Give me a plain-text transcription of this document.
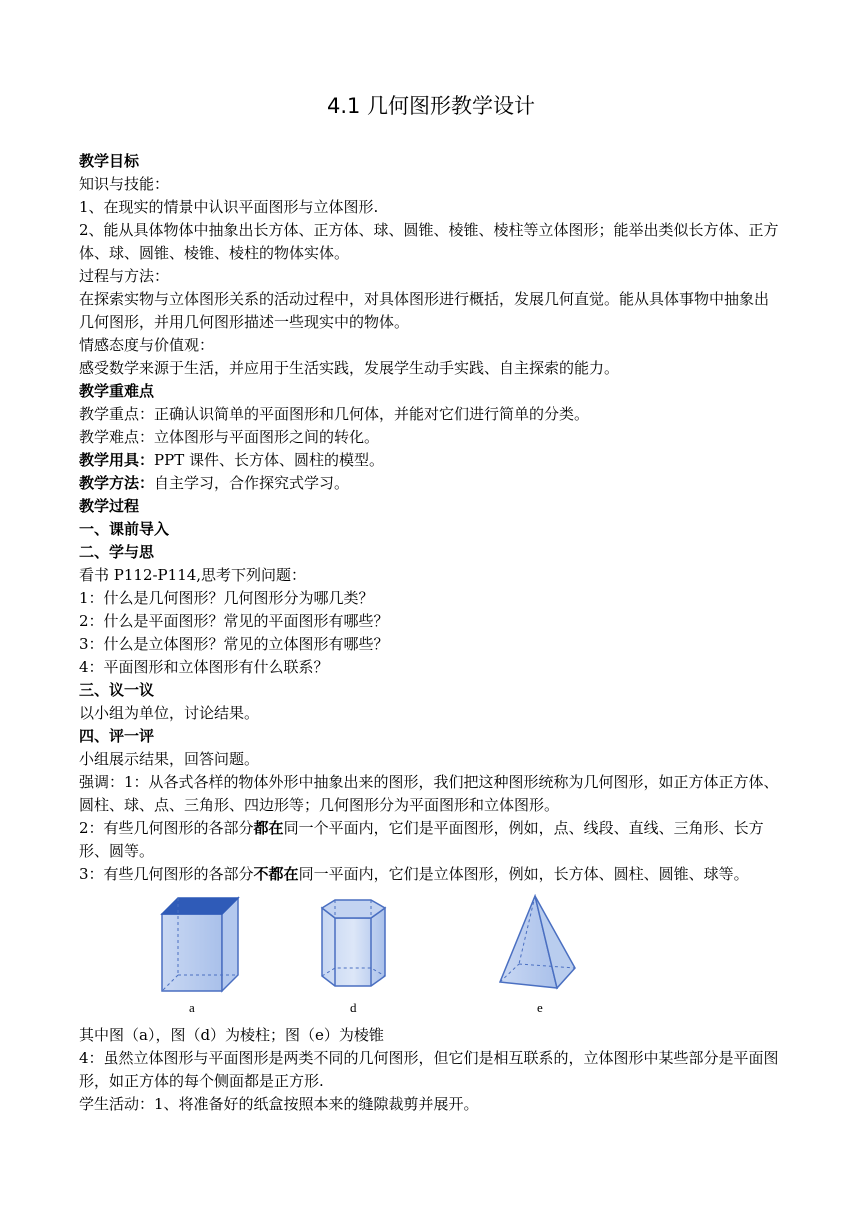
4.1 几何图形教学设计
教学目标
知识与技能：
1、在现实的情景中认识平面图形与立体图形.
2、能从具体物体中抽象出长方体、正方体、球、圆锥、棱锥、棱柱等立体图形；能举出类似长方体、正方体、球、圆锥、棱锥、棱柱的物体实体。
过程与方法：
在探索实物与立体图形关系的活动过程中，对具体图形进行概括，发展几何直觉。能从具体事物中抽象出几何图形，并用几何图形描述一些现实中的物体。
情感态度与价值观：
感受数学来源于生活，并应用于生活实践，发展学生动手实践、自主探索的能力。
教学重难点
教学重点：正确认识简单的平面图形和几何体，并能对它们进行简单的分类。
教学难点：立体图形与平面图形之间的转化。
教学用具：PPT 课件、长方体、圆柱的模型。
教学方法：自主学习，合作探究式学习。
教学过程
一、课前导入
二、学与思
看书 P112-P114,思考下列问题：
1：什么是几何图形？几何图形分为哪几类？
2：什么是平面图形？常见的平面图形有哪些？
3：什么是立体图形？常见的立体图形有哪些？
4：平面图形和立体图形有什么联系？
三、议一议
以小组为单位，讨论结果。
四、评一评
小组展示结果，回答问题。
强调：1：从各式各样的物体外形中抽象出来的图形，我们把这种图形统称为几何图形，如正方体正方体、圆柱、球、点、三角形、四边形等；几何图形分为平面图形和立体图形。
2：有些几何图形的各部分都在同一个平面内，它们是平面图形，例如，点、线段、直线、三角形、长方形、圆等。
3：有些几何图形的各部分不都在同一平面内，它们是立体图形，例如，长方体、圆柱、圆锥、球等。
a	d	e
其中图（a），图（d）为棱柱；图（e）为棱锥
4：虽然立体图形与平面图形是两类不同的几何图形，但它们是相互联系的，立体图形中某些部分是平面图形，如正方体的每个侧面都是正方形.
学生活动：1、将准备好的纸盒按照本来的缝隙裁剪并展开。
